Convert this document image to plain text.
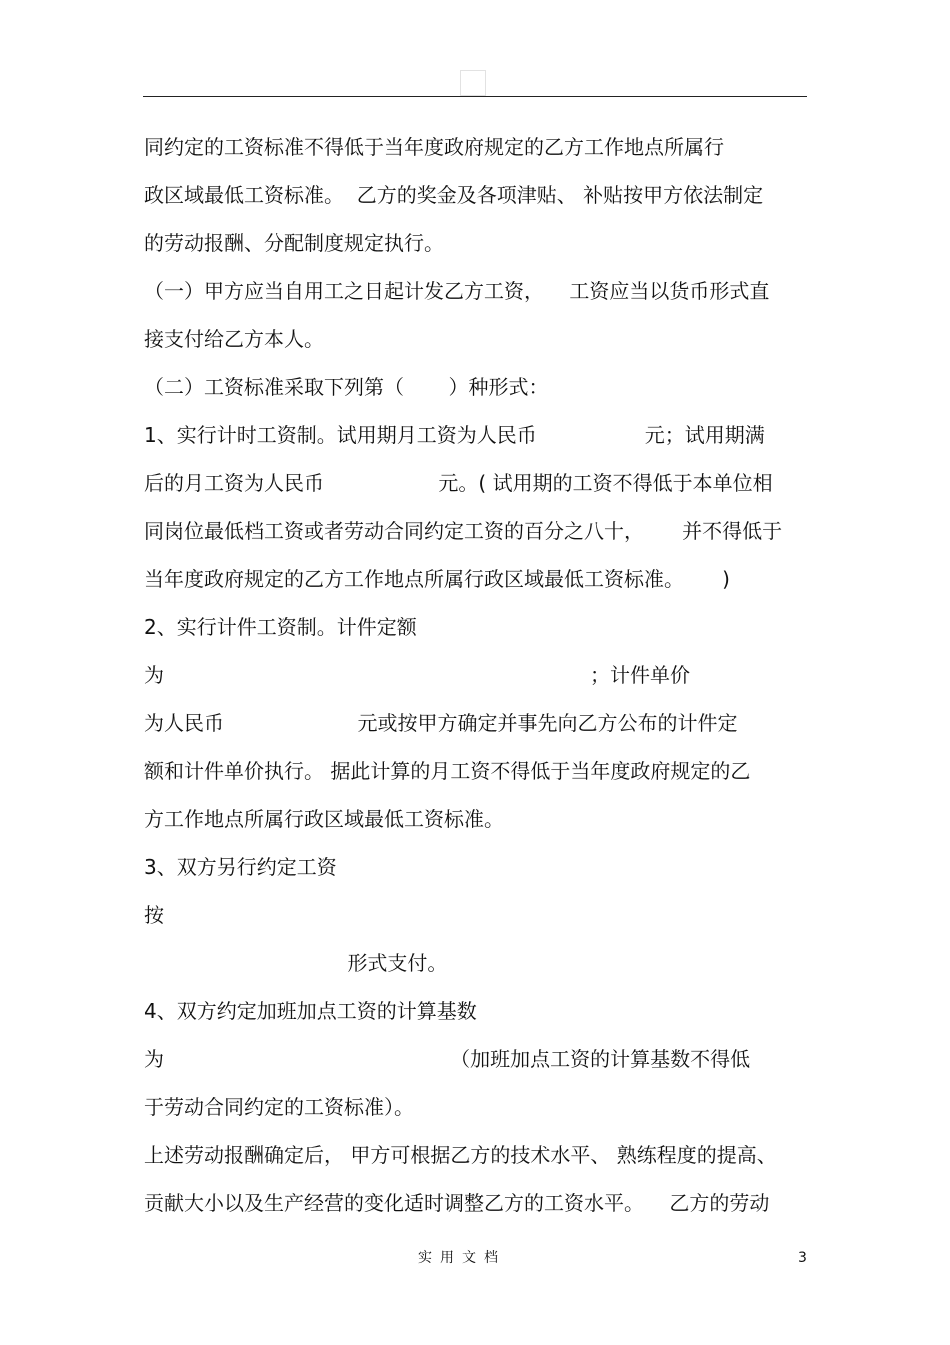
同约定的工资标准不得低于当年度政府规定的乙方工作地点所属行
政区域最低工资标准。  乙方的奖金及各项津贴、 补贴按甲方依法制定
的劳动报酬、分配制度规定执行。
（一）甲方应当自用工之日起计发乙方工资，    工资应当以货币形式直
接支付给乙方本人。
（二）工资标准采取下列第（       ）种形式：
1、实行计时工资制。试用期月工资为人民币                 元；试用期满
后的月工资为人民币                  元。( 试用期的工资不得低于本单位相
同岗位最低档工资或者劳动合同约定工资的百分之八十，      并不得低于
当年度政府规定的乙方工作地点所属行政区域最低工资标准。      )
2、实行计件工资制。计件定额
为                                                                   ；计件单价
为人民币                     元或按甲方确定并事先向乙方公布的计件定
额和计件单价执行。 据此计算的月工资不得低于当年度政府规定的乙
方工作地点所属行政区域最低工资标准。
3、双方另行约定工资
按
形式支付。
4、双方约定加班加点工资的计算基数
为                                             （加班加点工资的计算基数不得低
于劳动合同约定的工资标准）。
上述劳动报酬确定后， 甲方可根据乙方的技术水平、 熟练程度的提高、
贡献大小以及生产经营的变化适时调整乙方的工资水平。    乙方的劳动
实用文档	3
